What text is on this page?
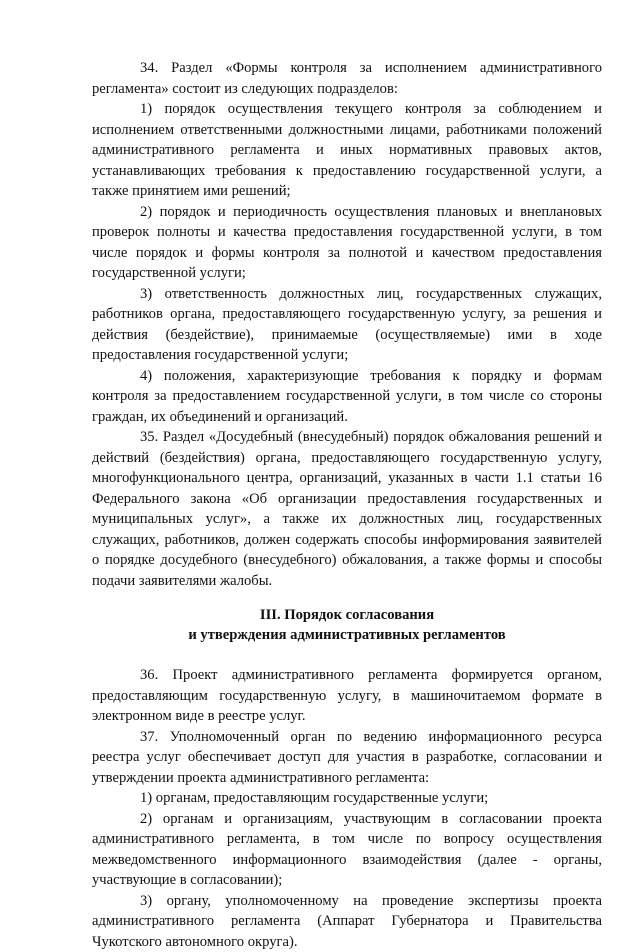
34. Раздел «Формы контроля за исполнением административного регламента» состоит из следующих подразделов:

1) порядок осуществления текущего контроля за соблюдением и исполнением ответственными должностными лицами, работниками положений административного регламента и иных нормативных правовых актов, устанавливающих требования к предоставлению государственной услуги, а также принятием ими решений;

2) порядок и периодичность осуществления плановых и внеплановых проверок полноты и качества предоставления государственной услуги, в том числе порядок и формы контроля за полнотой и качеством предоставления государственной услуги;

3) ответственность должностных лиц, государственных служащих, работников органа, предоставляющего государственную услугу, за решения и действия (бездействие), принимаемые (осуществляемые) ими в ходе предоставления государственной услуги;

4) положения, характеризующие требования к порядку и формам контроля за предоставлением государственной услуги, в том числе со стороны граждан, их объединений и организаций.

35. Раздел «Досудебный (внесудебный) порядок обжалования решений и действий (бездействия) органа, предоставляющего государственную услугу, многофункционального центра, организаций, указанных в части 1.1 статьи 16 Федерального закона «Об организации предоставления государственных и муниципальных услуг», а также их должностных лиц, государственных служащих, работников, должен содержать способы информирования заявителей о порядке досудебного (внесудебного) обжалования, а также формы и способы подачи заявителями жалобы.

III. Порядок согласования
и утверждения административных регламентов

36. Проект административного регламента формируется органом, предоставляющим государственную услугу, в машиночитаемом формате в электронном виде в реестре услуг.

37. Уполномоченный орган по ведению информационного ресурса реестра услуг обеспечивает доступ для участия в разработке, согласовании и утверждении проекта административного регламента:

1) органам, предоставляющим государственные услуги;

2) органам и организациям, участвующим в согласовании проекта административного регламента, в том числе по вопросу осуществления межведомственного информационного взаимодействия (далее - органы, участвующие в согласовании);

3) органу, уполномоченному на проведение экспертизы проекта административного регламента (Аппарат Губернатора и Правительства Чукотского автономного округа).
